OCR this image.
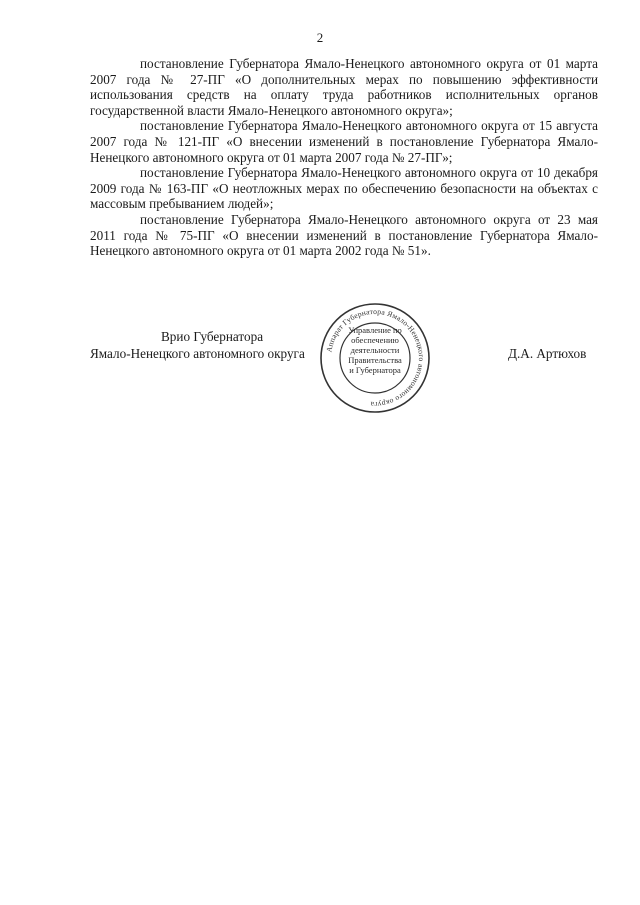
2

постановление Губернатора Ямало-Ненецкого автономного округа от 01 марта 2007 года № 27-ПГ «О дополнительных мерах по повышению эффективности использования средств на оплату труда работников исполнительных органов государственной власти Ямало-Ненецкого автономного округа»;

постановление Губернатора Ямало-Ненецкого автономного округа от 15 августа 2007 года № 121-ПГ «О внесении изменений в постановление Губернатора Ямало-Ненецкого автономного округа от 01 марта 2007 года № 27-ПГ»;

постановление Губернатора Ямало-Ненецкого автономного округа от 10 декабря 2009 года № 163-ПГ «О неотложных мерах по обеспечению безопасности на объектах с массовым пребыванием людей»;

постановление Губернатора Ямало-Ненецкого автономного округа от 23 мая 2011 года № 75-ПГ «О внесении изменений в постановление Губернатора Ямало-Ненецкого автономного округа от 01 марта 2002 года № 51».

Врио Губернатора
Ямало-Ненецкого автономного округа	Д.А. Артюхов
Аппарат Губернатора Ямало-Ненецкого автономного округа
Управление по
обеспечению
деятельности
Правительства
и Губернатора
